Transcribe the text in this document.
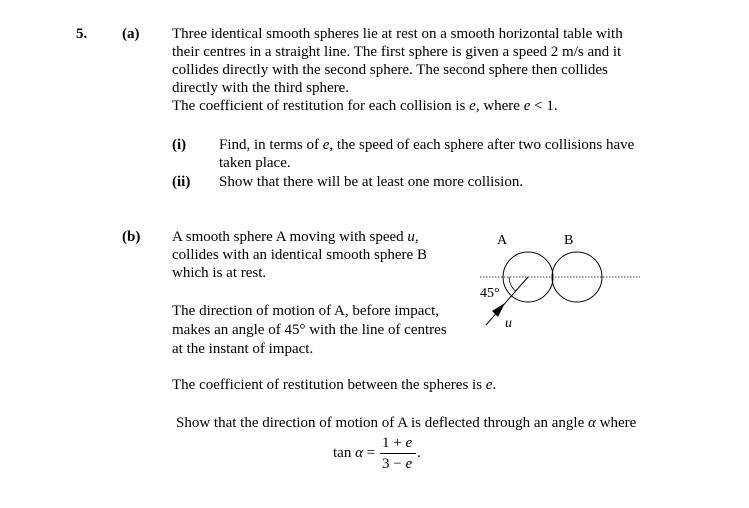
5. (a) Three identical smooth spheres lie at rest on a smooth horizontal table with
their centres in a straight line. The first sphere is given a speed 2 m/s and it
collides directly with the second sphere. The second sphere then collides
directly with the third sphere.
The coefficient of restitution for each collision is e, where e < 1.
(i) Find, in terms of e, the speed of each sphere after two collisions have
taken place.
(ii) Show that there will be at least one more collision.
(b) A smooth sphere A moving with speed u,
collides with an identical smooth sphere B
which is at rest.
The direction of motion of A, before impact,
makes an angle of 45° with the line of centres
at the instant of impact.
The coefficient of restitution between the spheres is e.
Show that the direction of motion of A is deflected through an angle α where
tan α =
1 + e
3 − e
.
A	B
45°
u
